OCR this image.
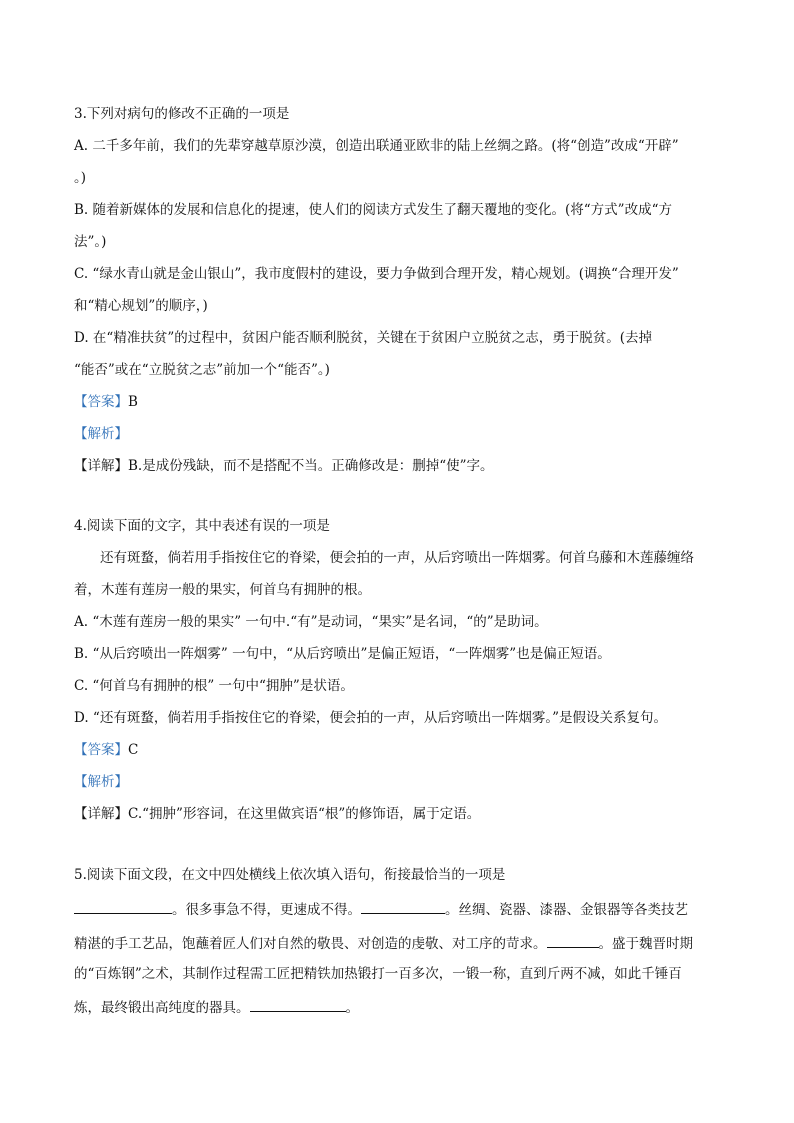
3.下列对病句的修改不正确的一项是
A. 二千多年前，我们的先辈穿越草原沙漠，创造出联通亚欧非的陆上丝绸之路。(将“创造”改成“开辟”
。)
B. 随着新媒体的发展和信息化的提速，使人们的阅读方式发生了翻天覆地的变化。(将“方式”改成“方
法”。)
C. “绿水青山就是金山银山”，我市度假村的建设，要力争做到合理开发，精心规划。(调换“合理开发”
和“精心规划”的顺序，)
D. 在“精准扶贫”的过程中，贫困户能否顺利脱贫，关键在于贫困户立脱贫之志，勇于脱贫。(去掉
“能否”或在“立脱贫之志”前加一个“能否”。)
【答案】B
【解析】
【详解】B.是成份残缺，而不是搭配不当。正确修改是：删掉“使”字。
4.阅读下面的文字，其中表述有误的一项是
还有斑蝥，倘若用手指按住它的脊梁，便会拍的一声，从后窍喷出一阵烟雾。何首乌藤和木莲藤缠络
着，木莲有莲房一般的果实，何首乌有拥肿的根。
A. “木莲有莲房一般的果实” 一句中.“有”是动词，“果实”是名词，“的”是助词。
B. “从后窍喷出一阵烟雾” 一句中，“从后窍喷出”是偏正短语，“一阵烟雾”也是偏正短语。
C. “何首乌有拥肿的根” 一句中“拥肿”是状语。
D. “还有斑蝥，倘若用手指按住它的脊梁，便会拍的一声，从后窍喷出一阵烟雾。”是假设关系复句。
【答案】C
【解析】
【详解】C.“拥肿”形容词，在这里做宾语“根”的修饰语，属于定语。
5.阅读下面文段，在文中四处横线上依次填入语句，衔接最恰当的一项是
。很多事急不得，更速成不得。	。丝绸、瓷器、漆器、金银器等各类技艺
精湛的手工艺品，饱蘸着匠人们对自然的敬畏、对创造的虔敬、对工序的苛求。	。盛于魏晋时期
的“百炼钢”之术，其制作过程需工匠把精铁加热锻打一百多次，一锻一称，直到斤两不减，如此千锤百
炼，最终锻出高纯度的器具。	。
